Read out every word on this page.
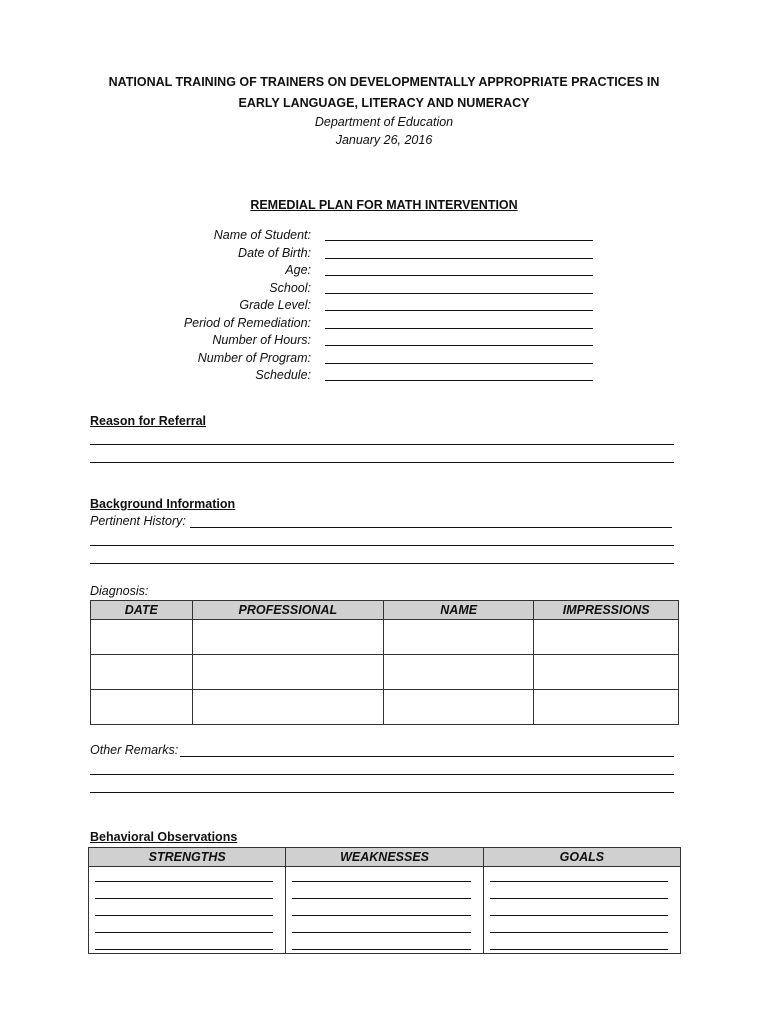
NATIONAL TRAINING OF TRAINERS ON DEVELOPMENTALLY APPROPRIATE PRACTICES IN
EARLY LANGUAGE, LITERACY AND NUMERACY
Department of Education
January 26, 2016
REMEDIAL PLAN FOR MATH INTERVENTION
Name of Student:
Date of Birth:
Age:
School:
Grade Level:
Period of Remediation:
Number of Hours:
Number of Program:
Schedule:
Reason for Referral
Background Information
Pertinent History:
Diagnosis:
DATE	PROFESSIONAL	NAME	IMPRESSIONS

Other Remarks:
Behavioral Observations
STRENGTHS	WEAKNESSES	GOALS
